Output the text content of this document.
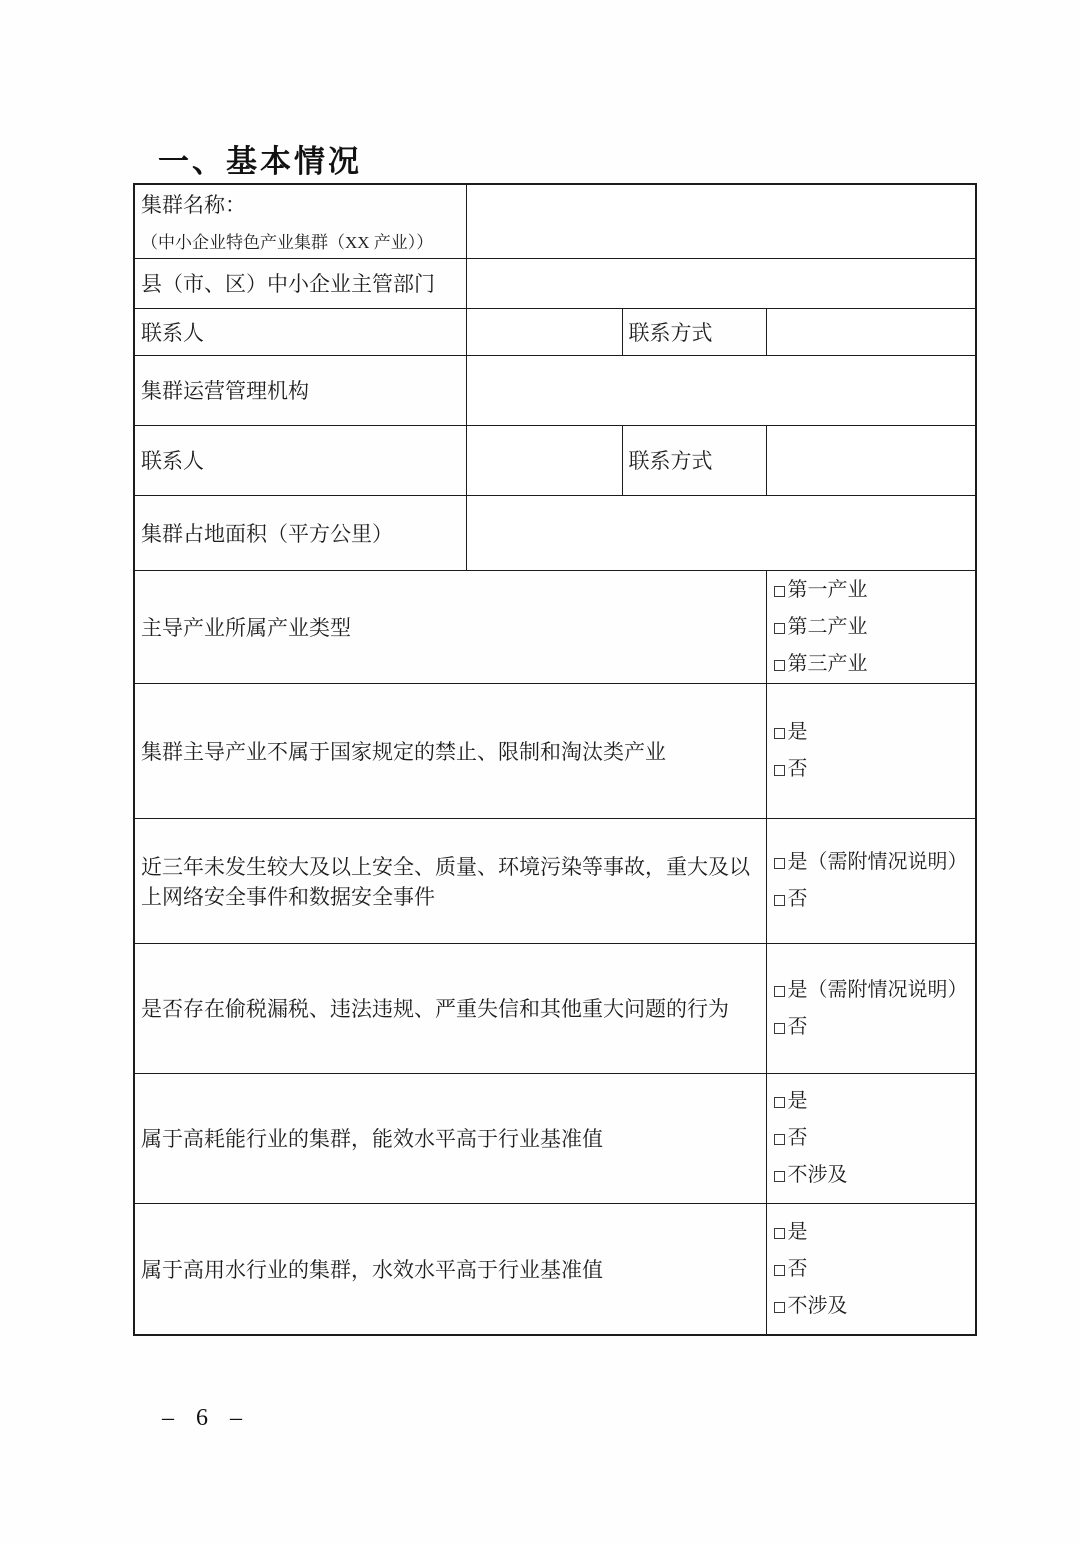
一、基本情况
集群名称：
（中小企业特色产业集群（XX 产业））			

县（市、区）中小企业主管部门			
联系人		联系方式	
集群运营管理机构			
联系人		联系方式	
集群占地面积（平方公里）			
主导产业所属产业类型			第一产业
第二产业
第三产业

集群主导产业不属于国家规定的禁止、限制和淘汰类产业			是
否

近三年未发生较大及以上安全、质量、环境污染等事故，重大及以上网络安全事件和数据安全事件			是（需附情况说明）
否

是否存在偷税漏税、违法违规、严重失信和其他重大问题的行为			是（需附情况说明）
否

属于高耗能行业的集群，能效水平高于行业基准值			是
否
不涉及

属于高用水行业的集群，水效水平高于行业基准值			是
否
不涉及
– 6 –
